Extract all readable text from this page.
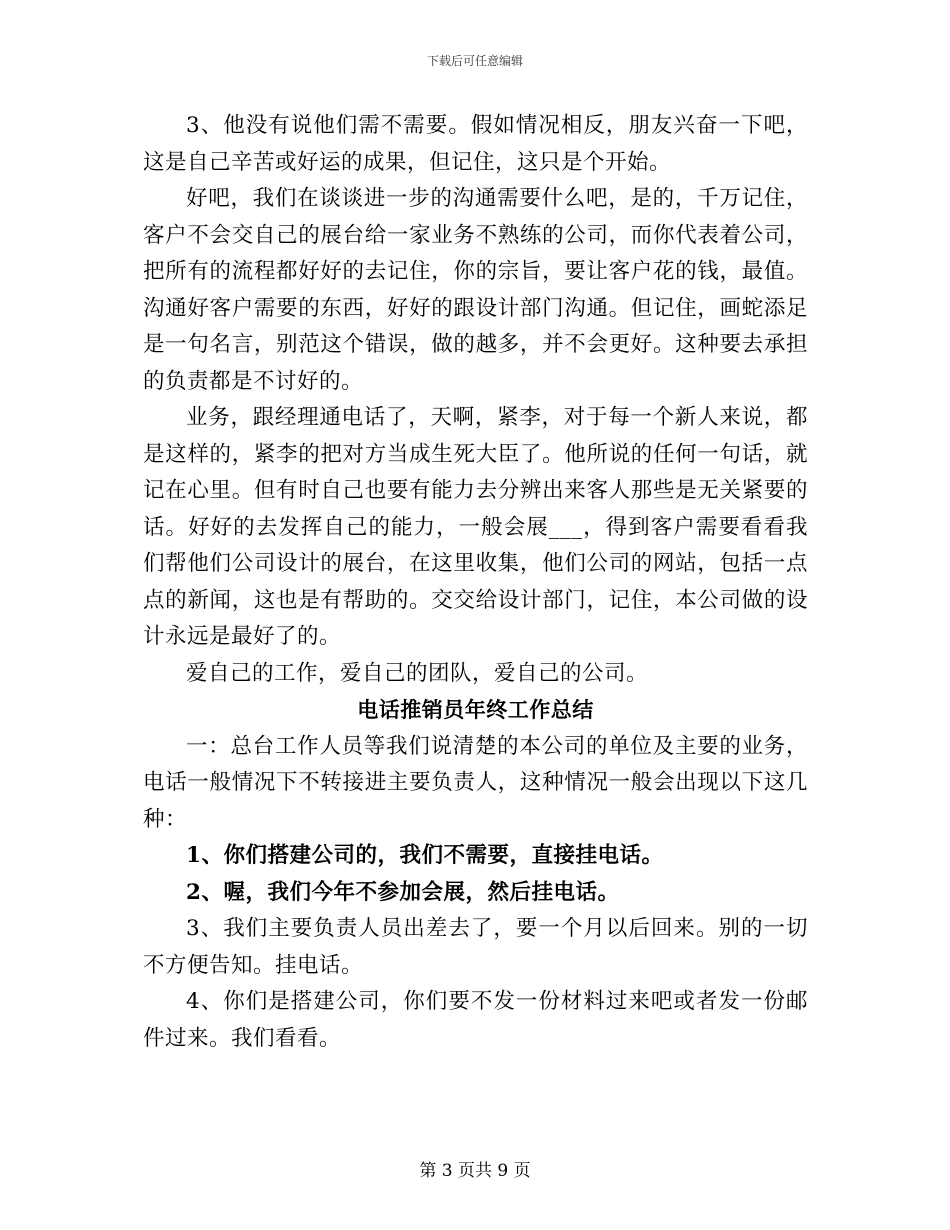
下载后可任意编辑

3、他没有说他们需不需要。假如情况相反，朋友兴奋一下吧，这是自己辛苦或好运的成果，但记住，这只是个开始。

好吧，我们在谈谈进一步的沟通需要什么吧，是的，千万记住，客户不会交自己的展台给一家业务不熟练的公司，而你代表着公司，把所有的流程都好好的去记住，你的宗旨，要让客户花的钱，最值。沟通好客户需要的东西，好好的跟设计部门沟通。但记住，画蛇添足是一句名言，别范这个错误，做的越多，并不会更好。这种要去承担的负责都是不讨好的。

业务，跟经理通电话了，天啊，紧李，对于每一个新人来说，都是这样的，紧李的把对方当成生死大臣了。他所说的任何一句话，就记在心里。但有时自己也要有能力去分辨出来客人那些是无关紧要的话。好好的去发挥自己的能力，一般会展___，得到客户需要看看我们帮他们公司设计的展台，在这里收集，他们公司的网站，包括一点点的新闻，这也是有帮助的。交交给设计部门，记住，本公司做的设计永远是最好了的。

爱自己的工作，爱自己的团队，爱自己的公司。

电话推销员年终工作总结

一：总台工作人员等我们说清楚的本公司的单位及主要的业务，电话一般情况下不转接进主要负责人，这种情况一般会出现以下这几种：

1、你们搭建公司的，我们不需要，直接挂电话。

2、喔，我们今年不参加会展，然后挂电话。

3、我们主要负责人员出差去了，要一个月以后回来。别的一切不方便告知。挂电话。

4、你们是搭建公司，你们要不发一份材料过来吧或者发一份邮件过来。我们看看。

第 3 页共 9 页
